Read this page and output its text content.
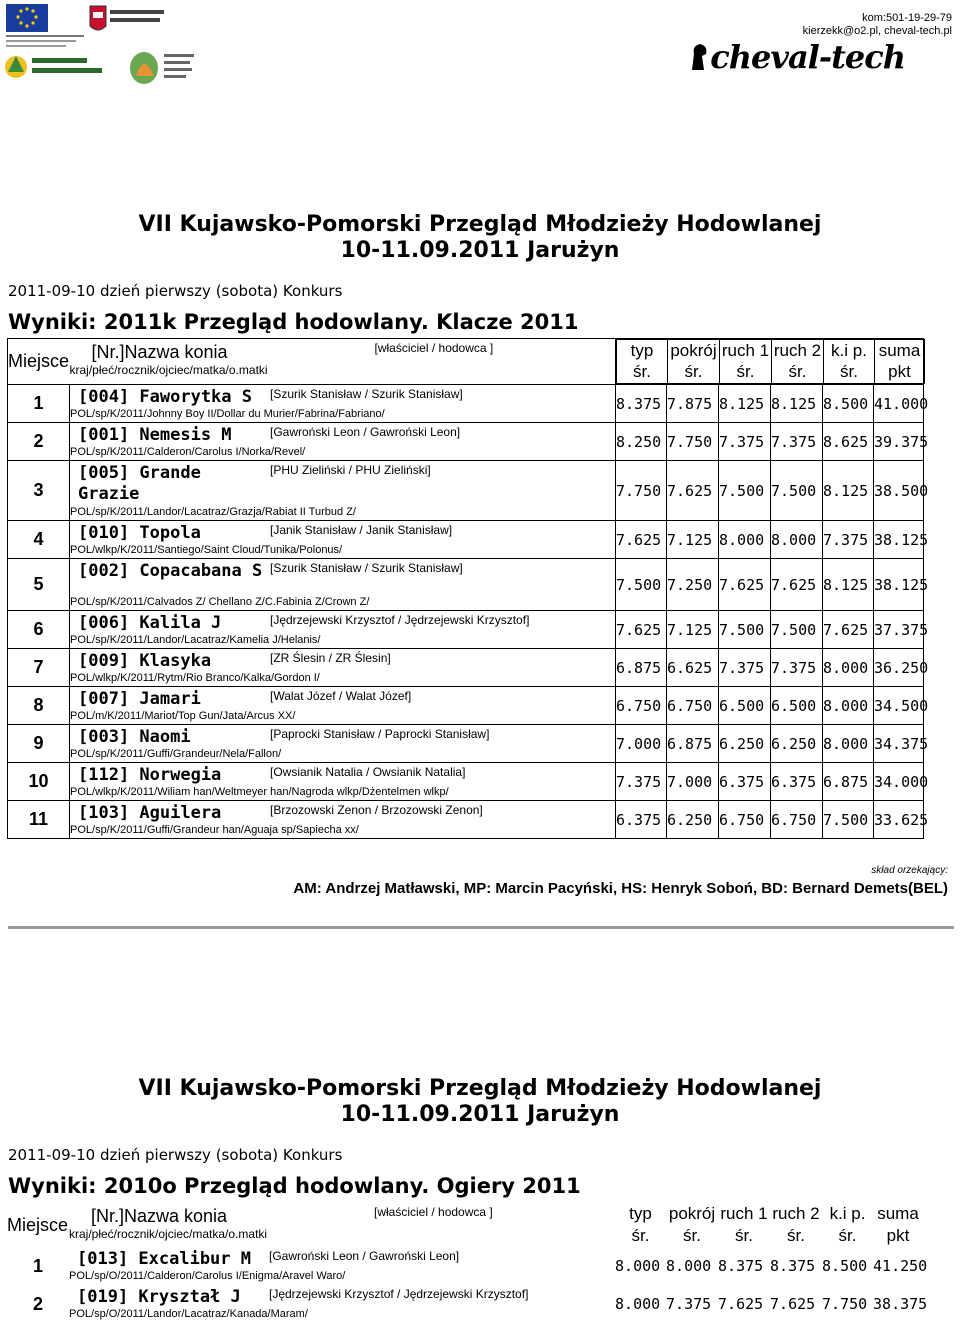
kom:501-19-29-79
kierzekk@o2.pl, cheval-tech.pl
cheval-tech
VII Kujawsko-Pomorski Przegląd Młodzieży Hodowlanej
10-11.09.2011 Jarużyn
2011-09-10 dzień pierwszy (sobota) Konkurs
Wyniki: 2011k Przegląd hodowlany. Klacze 2011
Miejsce	[Nr.]Nazwa konia	[właściciel / hodowca ]
kraj/płeć/rocznik/ojciec/matka/o.matki

typ	pokrój	ruch 1	ruch 2	k.i p.	suma
śr.	śr.	śr.	śr.	śr.	pkt

1	[004] Faworytka S	[Szurik Stanisław / Szurik Stanisław]
POL/sp/K/2011/Johnny Boy II/Dollar du Murier/Fabrina/Fabriano/
	8.375	7.875	8.125	8.125	8.500	41.000
2	[001] Nemesis M	[Gawroński Leon / Gawroński Leon]
POL/sp/K/2011/Calderon/Carolus I/Norka/Revel/
	8.250	7.750	7.375	7.375	8.625	39.375
3	
[005] Grande Grazie
[PHU Zieliński / PHU Zieliński]
POL/sp/K/2011/Landor/Lacatraz/Grazja/Rabiat II Turbud Z/
	7.750	7.625	7.500	7.500	8.125	38.500
4	[010] Topola	[Janik Stanisław / Janik Stanisław]
POL/wlkp/K/2011/Santiego/Saint Cloud/Tunika/Polonus/
	7.625	7.125	8.000	8.000	7.375	38.125
5	
[002] Copacabana S [Szurik Stanisław / Szurik Stanisław]
POL/sp/K/2011/Calvados Z/ Chellano Z/C.Fabinia Z/Crown Z/
	7.500	7.250	7.625	7.625	8.125	38.125
6	[006] Kalila J	[Jędrzejewski Krzysztof / Jędrzejewski Krzysztof]
POL/sp/K/2011/Landor/Lacatraz/Kamelia J/Helanis/
	7.625	7.125	7.500	7.500	7.625	37.375
7	[009] Klasyka	[ZR Ślesin / ZR Ślesin]
POL/wlkp/K/2011/Rytm/Rio Branco/Kalka/Gordon I/
	6.875	6.625	7.375	7.375	8.000	36.250
8	[007] Jamari	[Walat Józef / Walat Józef]
POL/m/K/2011/Mariot/Top Gun/Jata/Arcus XX/
	6.750	6.750	6.500	6.500	8.000	34.500
9	[003] Naomi	[Paprocki Stanisław / Paprocki Stanisław]
POL/sp/K/2011/Guffi/Grandeur/Nela/Fallon/
	7.000	6.875	6.250	6.250	8.000	34.375
10	[112] Norwegia	[Owsianik Natalia / Owsianik Natalia]
POL/wlkp/K/2011/Wiliam han/Weltmeyer han/Nagroda wlkp/Dżentelmen wlkp/
	7.375	7.000	6.375	6.375	6.875	34.000
11	[103] Aguilera	[Brzozowski Zenon / Brzozowski Zenon]
POL/sp/K/2011/Guffi/Grandeur han/Aguaja sp/Sapiecha xx/
	6.375	6.250	6.750	6.750	7.500	33.625
skład orzekający:
AM: Andrzej Matławski, MP: Marcin Pacyński, HS: Henryk Soboń, BD: Bernard Demets(BEL)
VII Kujawsko-Pomorski Przegląd Młodzieży Hodowlanej
10-11.09.2011 Jarużyn
2011-09-10 dzień pierwszy (sobota) Konkurs
Wyniki: 2010o Przegląd hodowlany. Ogiery 2011
Miejsce	[Nr.]Nazwa konia	[właściciel / hodowca ]
kraj/płeć/rocznik/ojciec/matka/o.matki

typ	pokrój	ruch 1	ruch 2	k.i p.	suma
śr.	śr.	śr.	śr.	śr.	pkt

1	[013] Excalibur M	[Gawroński Leon / Gawroński Leon]
POL/sp/O/2011/Calderon/Carolus I/Enigma/Aravel Waro/
	8.000	8.000	8.375	8.375	8.500	41.250
2	[019] Kryształ J	[Jędrzejewski Krzysztof / Jędrzejewski Krzysztof]
POL/sp/O/2011/Landor/Lacatraz/Kanada/Maram/
	8.000	7.375	7.625	7.625	7.750	38.375
